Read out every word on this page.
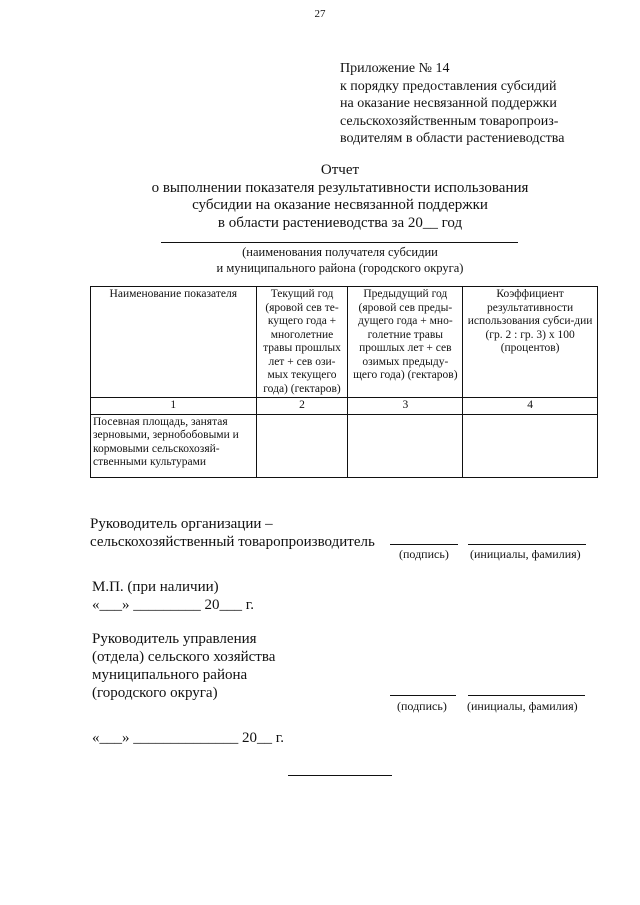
27
Приложение № 14
к порядку предоставления субсидий
на оказание несвязанной поддержки
сельскохозяйственным товаропроиз-
водителям в области растениеводства
Отчет
о выполнении показателя результативности использования
субсидии на оказание несвязанной поддержки
в области растениеводства за 20__ год
(наименования получателя субсидии
и муниципального района (городского округа)
Наименование показателя	Текущий год (яровой сев те-кущего года + многолетние травы прошлых лет + сев ози-мых текущего года) (гектаров)	Предыдущий год (яровой сев преды-дущего года + мно-голетние травы прошлых лет + сев озимых предыду-щего года) (гектаров)	Коэффициент результативности использования субси-дии (гр. 2 : гр. 3) х 100 (процентов)
1	2	3	4
Посевная площадь, занятая зерновыми, зернобобовыми и кормовыми сельскохозяй-ственными культурами			
Руководитель организации –
сельскохозяйственный товаропроизводитель
(подпись) (инициалы, фамилия)
М.П. (при наличии)
«___» _________ 20___ г.
Руководитель управления
(отдела) сельского хозяйства
муниципального района
(городского округа)
(подпись) (инициалы, фамилия)
«___» ______________ 20__ г.
